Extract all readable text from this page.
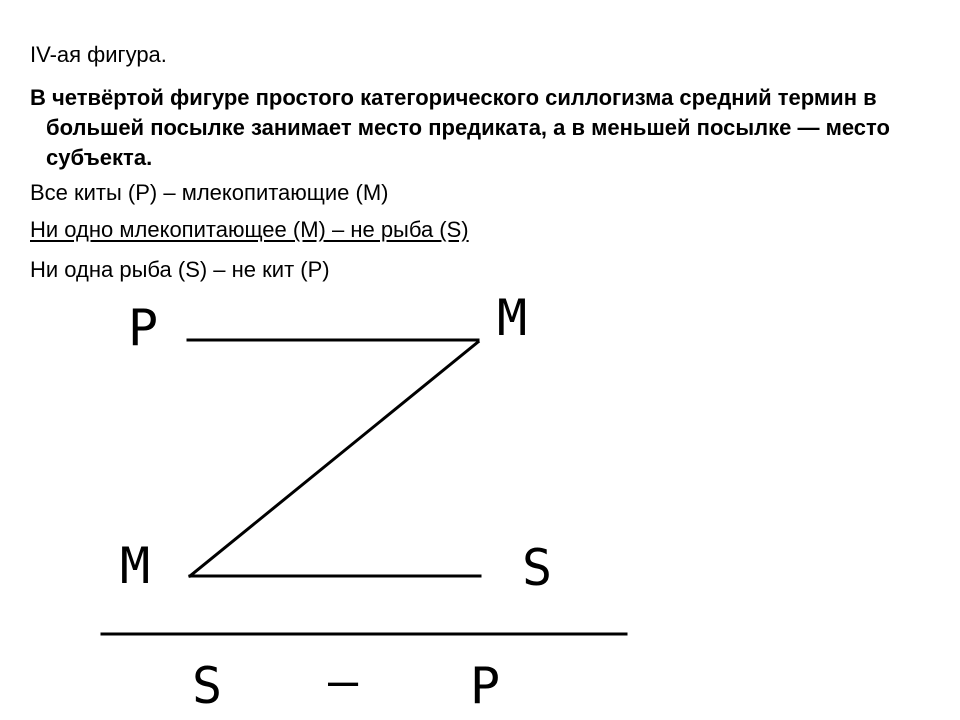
IV-ая фигура.
В четвёртой фигуре простого категорического силлогизма средний термин в большей посылке занимает место предиката, а в меньшей посылке — место субъекта.
Все киты (Р) – млекопитающие (М)
Ни одно млекопитающее (М) – не рыба (S)
Ни одна рыба (S) – не кит (Р)
P	M
M	S
S – P
